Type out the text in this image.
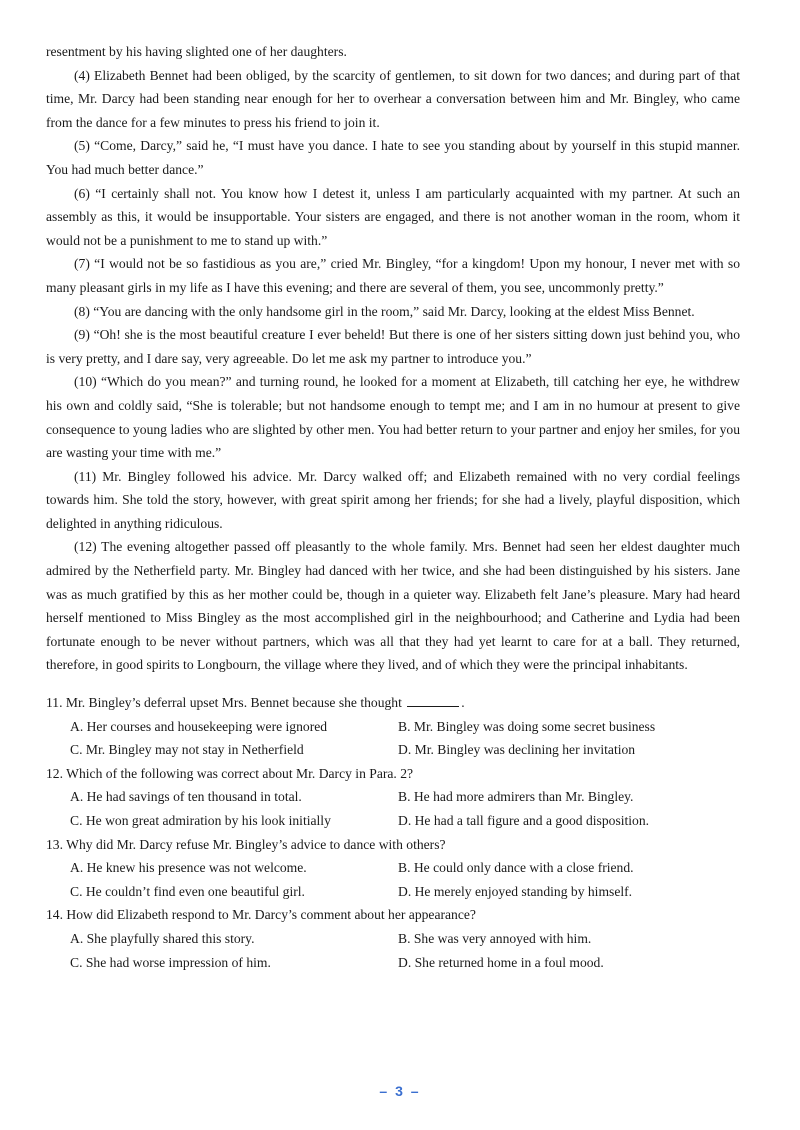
resentment by his having slighted one of her daughters.

(4) Elizabeth Bennet had been obliged, by the scarcity of gentlemen, to sit down for two dances; and during part of that time, Mr. Darcy had been standing near enough for her to overhear a conversation between him and Mr. Bingley, who came from the dance for a few minutes to press his friend to join it.

(5) “Come, Darcy,” said he, “I must have you dance. I hate to see you standing about by yourself in this stupid manner. You had much better dance.”

(6) “I certainly shall not. You know how I detest it, unless I am particularly acquainted with my partner. At such an assembly as this, it would be insupportable. Your sisters are engaged, and there is not another woman in the room, whom it would not be a punishment to me to stand up with.”

(7) “I would not be so fastidious as you are,” cried Mr. Bingley, “for a kingdom! Upon my honour, I never met with so many pleasant girls in my life as I have this evening; and there are several of them, you see, uncommonly pretty.”

(8) “You are dancing with the only handsome girl in the room,” said Mr. Darcy, looking at the eldest Miss Bennet.

(9) “Oh! she is the most beautiful creature I ever beheld! But there is one of her sisters sitting down just behind you, who is very pretty, and I dare say, very agreeable. Do let me ask my partner to introduce you.”

(10) “Which do you mean?” and turning round, he looked for a moment at Elizabeth, till catching her eye, he withdrew his own and coldly said, “She is tolerable; but not handsome enough to tempt me; and I am in no humour at present to give consequence to young ladies who are slighted by other men. You had better return to your partner and enjoy her smiles, for you are wasting your time with me.”

(11) Mr. Bingley followed his advice. Mr. Darcy walked off; and Elizabeth remained with no very cordial feelings towards him. She told the story, however, with great spirit among her friends; for she had a lively, playful disposition, which delighted in anything ridiculous.

(12) The evening altogether passed off pleasantly to the whole family. Mrs. Bennet had seen her eldest daughter much admired by the Netherfield party. Mr. Bingley had danced with her twice, and she had been distinguished by his sisters. Jane was as much gratified by this as her mother could be, though in a quieter way. Elizabeth felt Jane’s pleasure. Mary had heard herself mentioned to Miss Bingley as the most accomplished girl in the neighbourhood; and Catherine and Lydia had been fortunate enough to be never without partners, which was all that they had yet learnt to care for at a ball. They returned, therefore, in good spirits to Longbourn, the village where they lived, and of which they were the principal inhabitants.

11. Mr. Bingley’s deferral upset Mrs. Bennet because she thought	.

A. Her courses and housekeeping were ignored	B. Mr. Bingley was doing some secret business
C. Mr. Bingley may not stay in Netherfield	D. Mr. Bingley was declining her invitation

12. Which of the following was correct about Mr. Darcy in Para. 2?

A. He had savings of ten thousand in total.	B. He had more admirers than Mr. Bingley.
C. He won great admiration by his look initially	D. He had a tall figure and a good disposition.

13. Why did Mr. Darcy refuse Mr. Bingley’s advice to dance with others?

A. He knew his presence was not welcome.	B. He could only dance with a close friend.
C. He couldn’t find even one beautiful girl.	D. He merely enjoyed standing by himself.

14. How did Elizabeth respond to Mr. Darcy’s comment about her appearance?

A. She playfully shared this story.	B. She was very annoyed with him.
C. She had worse impression of him.	D. She returned home in a foul mood.
– 3 –
